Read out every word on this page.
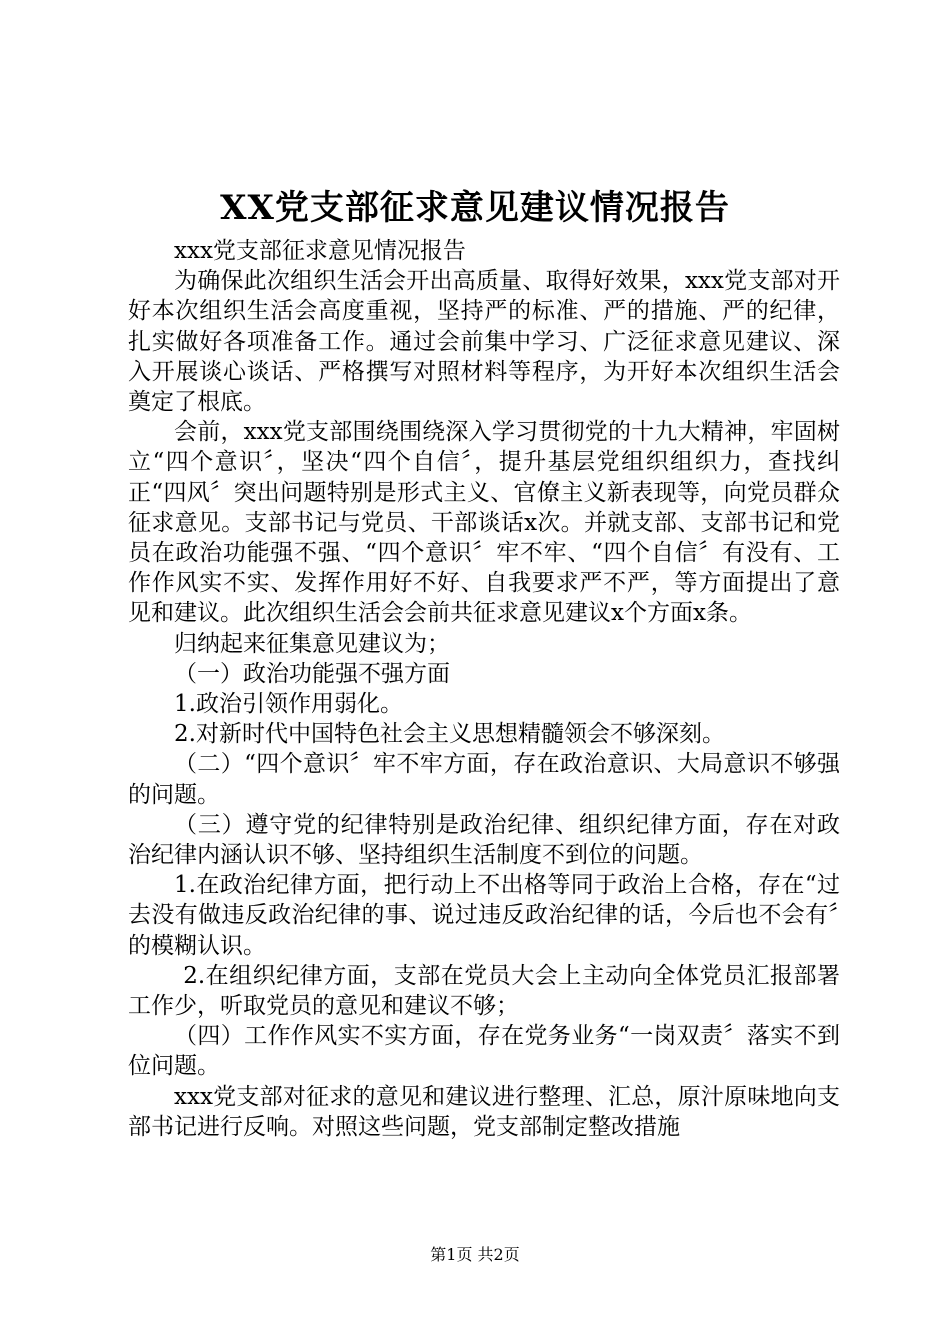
XX党支部征求意见建议情况报告

xxx党支部征求意见情况报告

为确保此次组织生活会开出高质量、取得好效果，xxx党支部对开好本次组织生活会高度重视，坚持严的标准、严的措施、严的纪律，扎实做好各项准备工作。通过会前集中学习、广泛征求意见建议、深入开展谈心谈话、严格撰写对照材料等程序，为开好本次组织生活会奠定了根底。

会前，xxx党支部围绕围绕深入学习贯彻党的十九大精神，牢固树立“四个意识〞，坚决“四个自信〞，提升基层党组织组织力，查找纠正“四风〞突出问题特别是形式主义、官僚主义新表现等，向党员群众征求意见。支部书记与党员、干部谈话x次。并就支部、支部书记和党员在政治功能强不强、“四个意识〞牢不牢、“四个自信〞有没有、工作作风实不实、发挥作用好不好、自我要求严不严，等方面提出了意见和建议。此次组织生活会会前共征求意见建议x个方面x条。

归纳起来征集意见建议为；

（一）政治功能强不强方面

1.政治引领作用弱化。

2.对新时代中国特色社会主义思想精髓领会不够深刻。

（二）“四个意识〞牢不牢方面，存在政治意识、大局意识不够强的问题。

（三）遵守党的纪律特别是政治纪律、组织纪律方面，存在对政治纪律内涵认识不够、坚持组织生活制度不到位的问题。

1.在政治纪律方面，把行动上不出格等同于政治上合格，存在“过去没有做违反政治纪律的事、说过违反政治纪律的话，今后也不会有〞的模糊认识。

2.在组织纪律方面，支部在党员大会上主动向全体党员汇报部署工作少，听取党员的意见和建议不够；

（四）工作作风实不实方面，存在党务业务“一岗双责〞落实不到位问题。

xxx党支部对征求的意见和建议进行整理、汇总，原汁原味地向支部书记进行反响。对照这些问题，党支部制定整改措施

第1页 共2页
